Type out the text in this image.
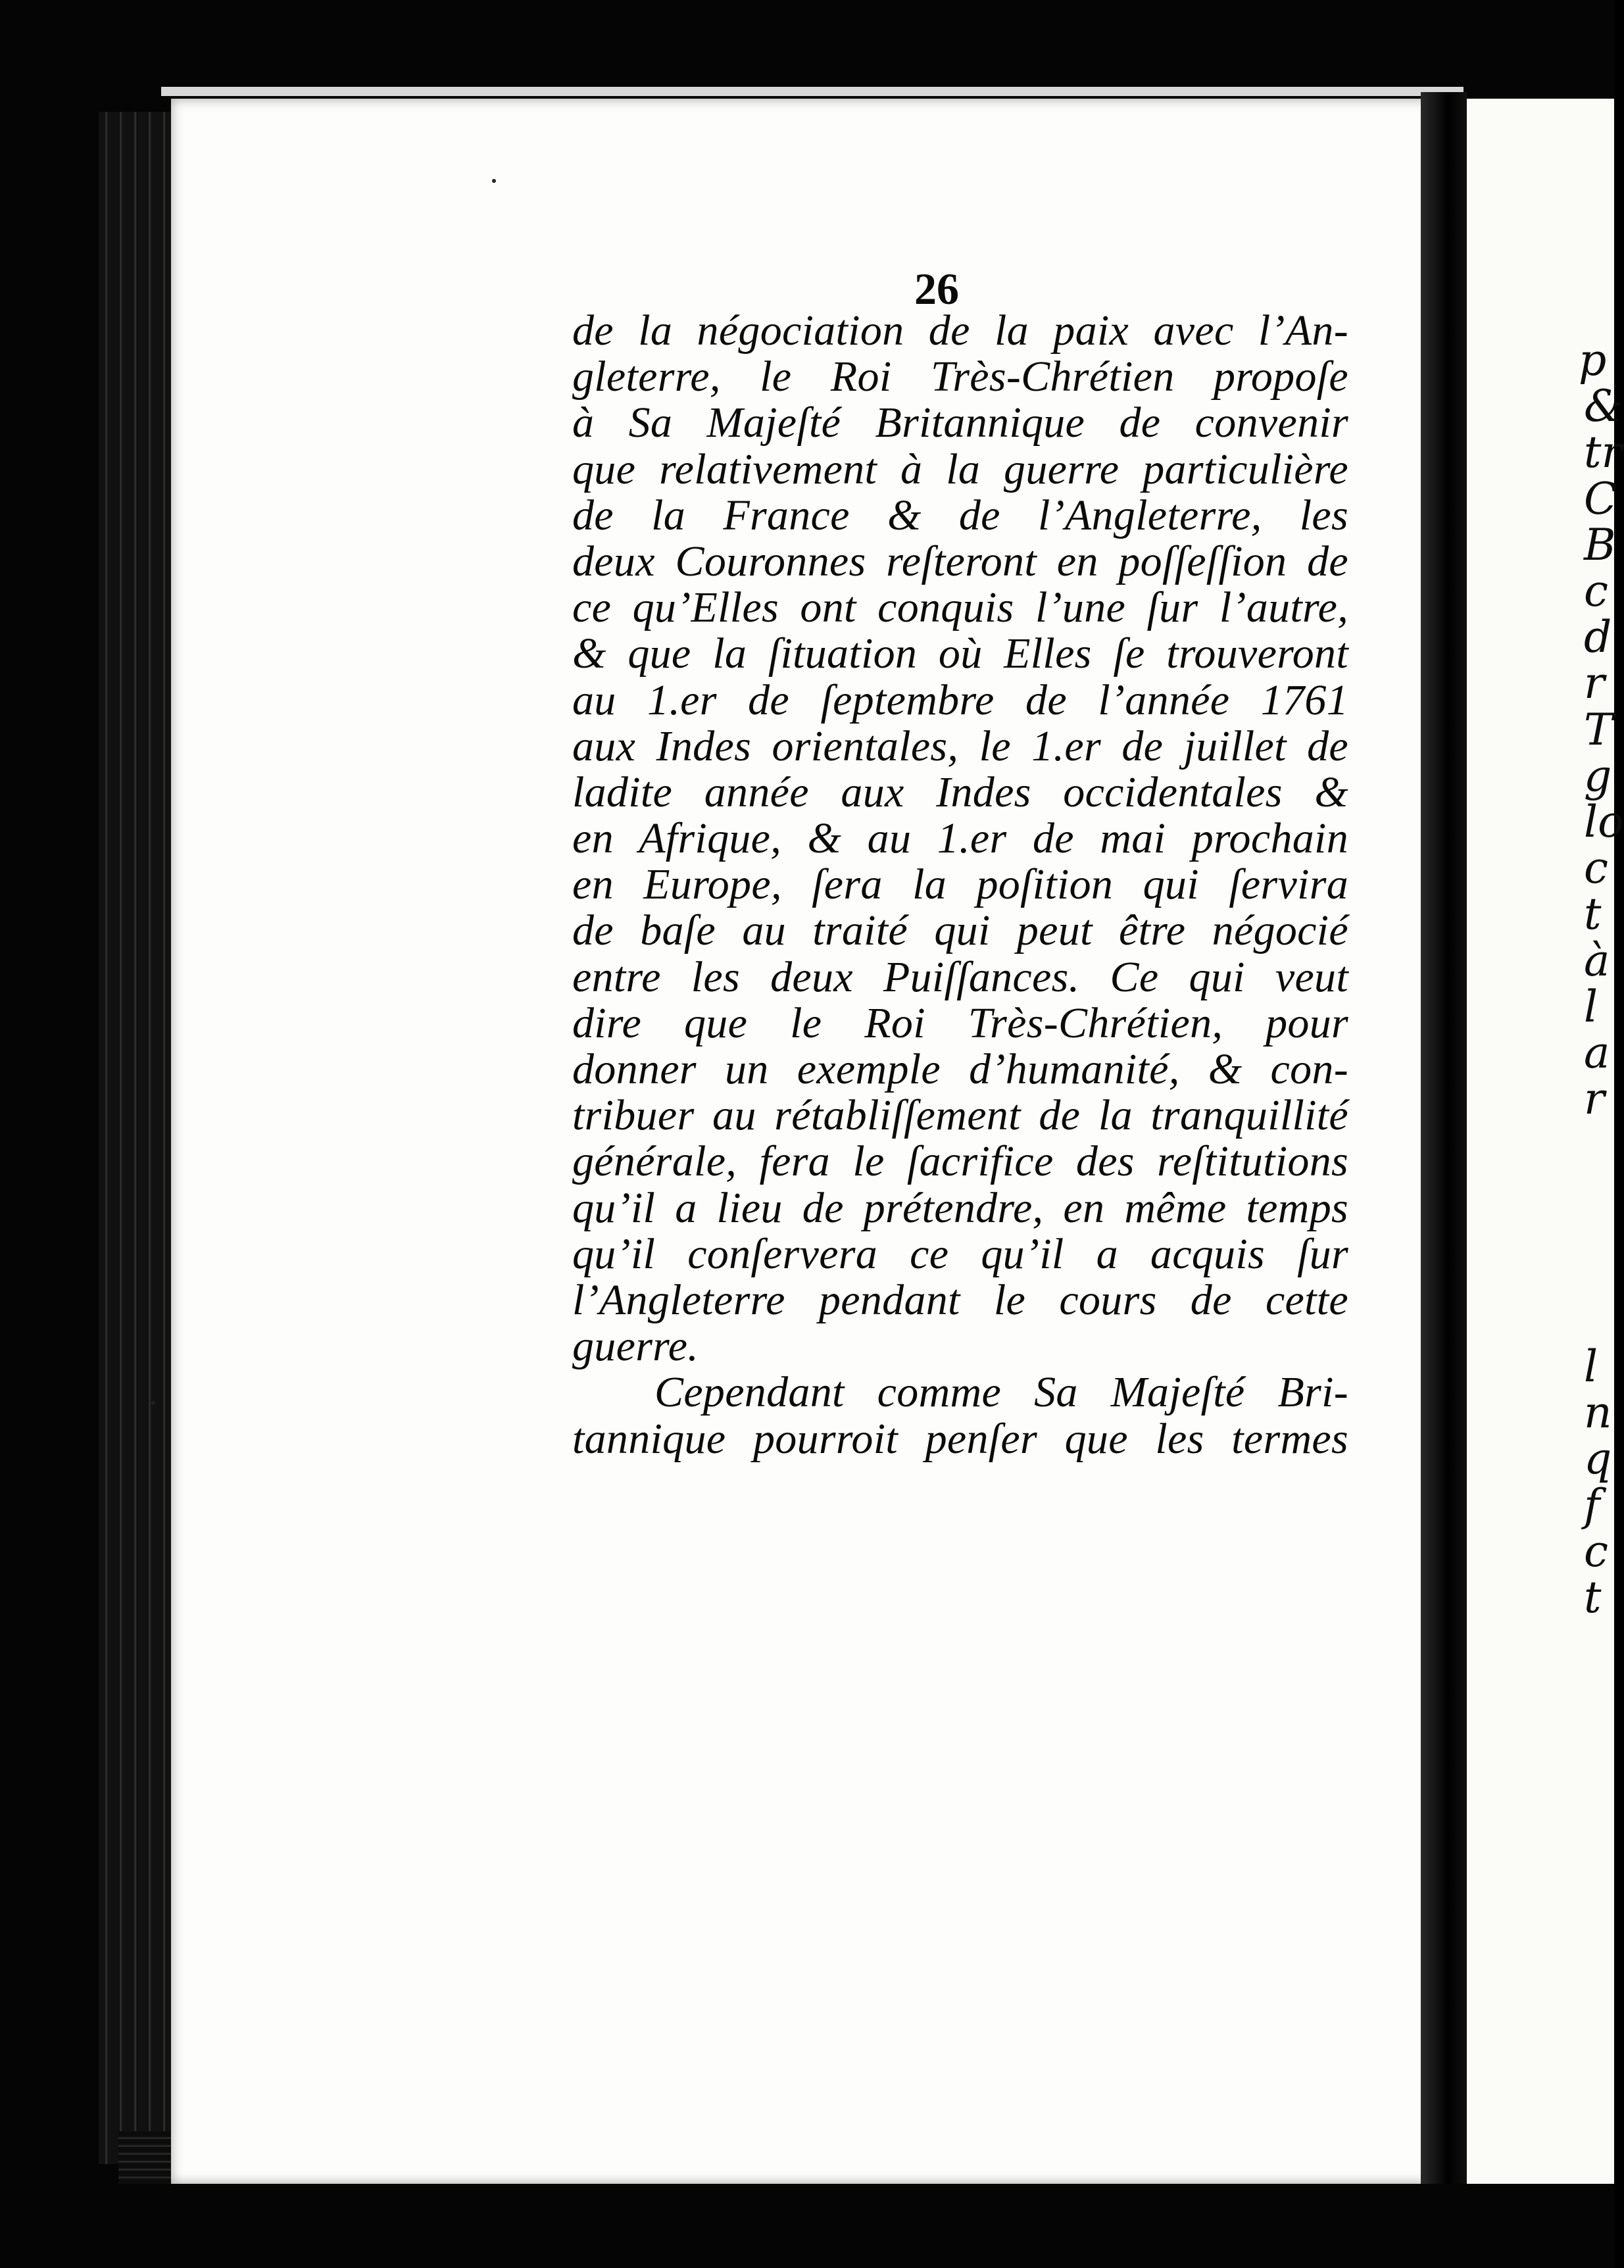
26
de la négociation de la paix avec l’An-
gleterre, le Roi Très-Chrétien propoſe
à Sa Majeſté Britannique de convenir
que relativement à la guerre particulière
de la France & de l’Angleterre, les
deux Couronnes reſteront en poſſeſſion de
ce qu’Elles ont conquis l’une ſur l’autre,
& que la ſituation où Elles ſe trouveront
au 1.er de ſeptembre de l’année 1761
aux Indes orientales, le 1.er de juillet de
ladite année aux Indes occidentales &
en Afrique, & au 1.er de mai prochain
en Europe, ſera la poſition qui ſervira
de baſe au traité qui peut être négocié
entre les deux Puiſſances. Ce qui veut
dire que le Roi Très-Chrétien, pour
donner un exemple d’humanité, & con-
tribuer au rétabliſſement de la tranquillité
générale, fera le ſacrifice des reſtitutions
qu’il a lieu de prétendre, en même temps
qu’il conſervera ce qu’il a acquis ſur
l’Angleterre pendant le cours de cette
guerre.
Cependant comme Sa Majeſté Bri-
tannique pourroit penſer que les termes
p
&
tr
C
B
c
d
r
T
g
lo
c
t
à
l
a
r
l
n
q
f
c
t
